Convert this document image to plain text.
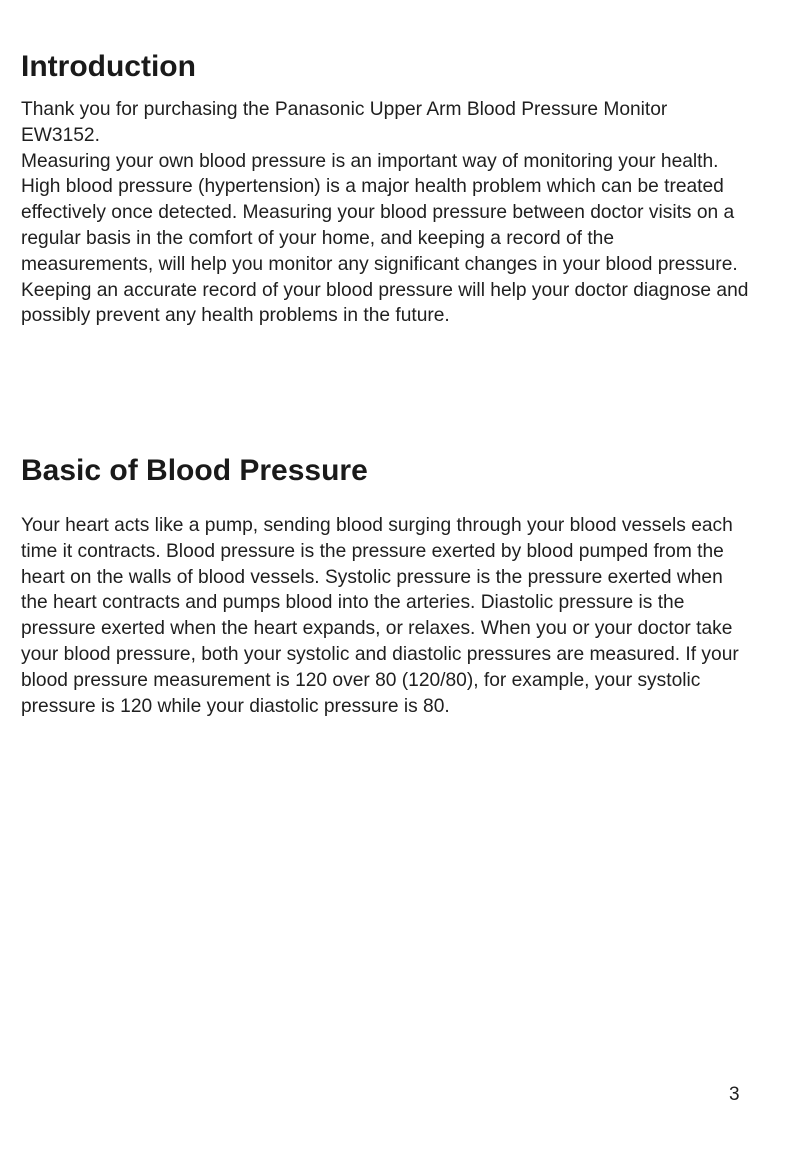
Introduction

Thank you for purchasing the Panasonic Upper Arm Blood Pressure Monitor EW3152.

Measuring your own blood pressure is an important way of monitoring your health. High blood pressure (hypertension) is a major health problem which can be treated effectively once detected. Measuring your blood pressure between doctor visits on a regular basis in the comfort of your home, and keeping a record of the measurements, will help you monitor any significant changes in your blood pressure. Keeping an accurate record of your blood pressure will help your doctor diagnose and possibly prevent any health problems in the future.

Basic of Blood Pressure

Your heart acts like a pump, sending blood surging through your blood vessels each time it contracts. Blood pressure is the pressure exerted by blood pumped from the heart on the walls of blood vessels. Systolic pressure is the pressure exerted when the heart contracts and pumps blood into the arteries. Diastolic pressure is the pressure exerted when the heart expands, or relaxes. When you or your doctor take your blood pressure, both your systolic and diastolic pressures are measured. If your blood pressure measurement is 120 over 80 (120/80), for example, your systolic pressure is 120 while your diastolic pressure is 80.

3
